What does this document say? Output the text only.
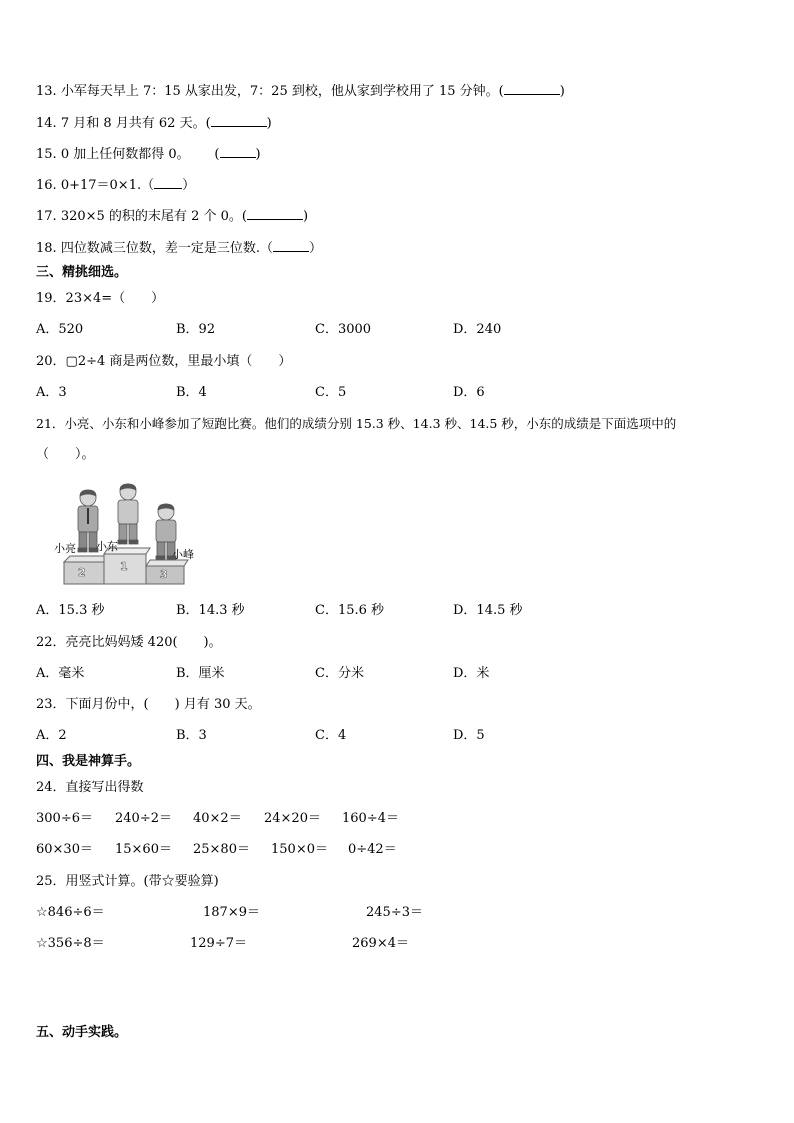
13. 小军每天早上 7：15 从家出发，7：25 到校，他从家到学校用了 15 分钟。(	)
14. 7 月和 8 月共有 62 天。(	)
15. 0 加上任何数都得 0。      (	)
16. 0+17＝0×1.（ ）
17. 320×5 的积的末尾有 2 个 0。(	)
18. 四位数减三位数，差一定是三位数.（	）
三、精挑细选。
19．23×4=（　　）
A．520	B．92	C．3000	D．240
20．▢2÷4 商是两位数，里最小填（　　）
A．3	B．4	C．5	D．6
21．小亮、小东和小峰参加了短跑比赛。他们的成绩分别 15.3 秒、14.3 秒、14.5 秒，小东的成绩是下面选项中的
（　　）。
2	1
3
小亮 小东
小峰
A．15.3 秒	B．14.3 秒	C．15.6 秒	D．14.5 秒
22．亮亮比妈妈矮 420(　　)。
A．毫米	B．厘米	C．分米	D．米
23．下面月份中，(　　) 月有 30 天。
A．2	B．3	C．4	D．5
四、我是神算手。
24．直接写出得数
300÷6＝ 240÷2＝ 40×2＝ 24×20＝ 160÷4＝
60×30＝ 15×60＝ 25×80＝ 150×0＝ 0÷42＝
25．用竖式计算。(带☆要验算)
☆846÷6＝	187×9＝	245÷3＝
☆356÷8＝	129÷7＝	269×4＝
五、动手实践。
